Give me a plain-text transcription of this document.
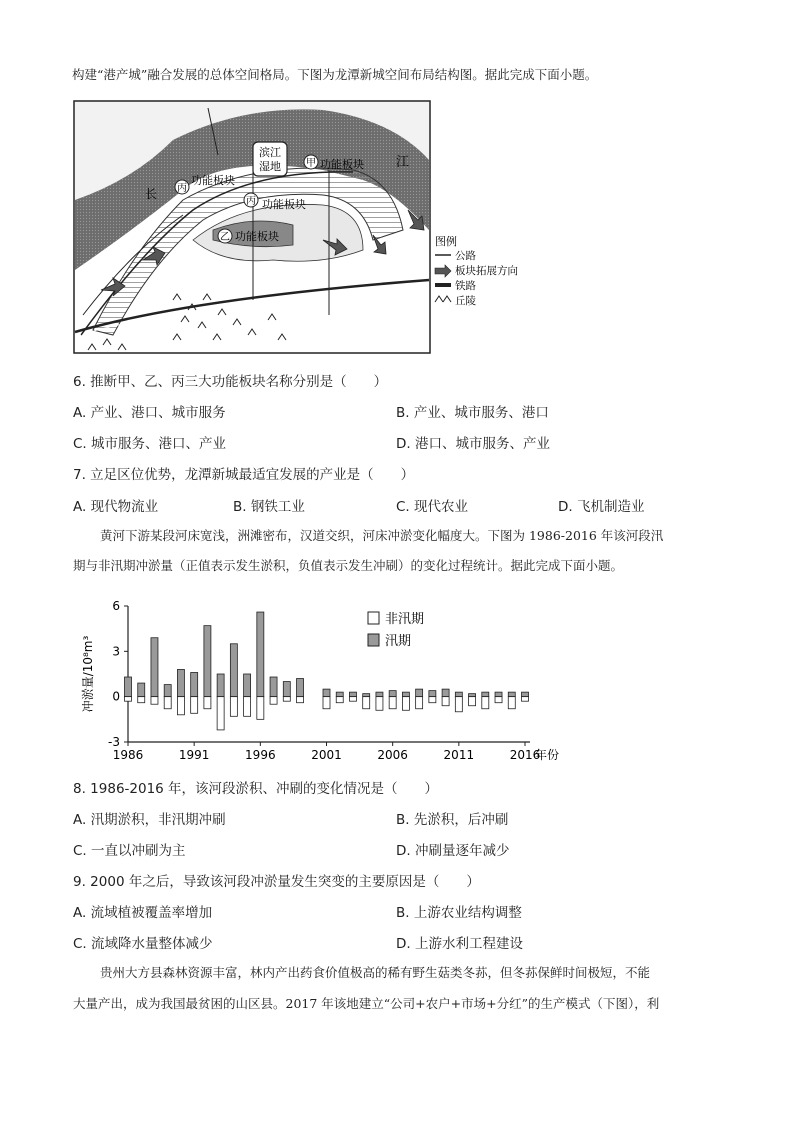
构建“港产城”融合发展的总体空间格局。下图为龙潭新城空间布局结构图。据此完成下面小题。
滨江
湿地
长
江
丙
功能板块
甲 功能板块
丙 功能板块
乙 功能板块	图例
公路
板块拓展方向
铁路
丘陵
6. 推断甲、乙、丙三大功能板块名称分别是（　　）
A. 产业、港口、城市服务	B. 产业、城市服务、港口
C. 城市服务、港口、产业	D. 港口、城市服务、产业
7. 立足区位优势，龙潭新城最适宜发展的产业是（　　）
A. 现代物流业	B. 钢铁工业	C. 现代农业	D. 飞机制造业
黄河下游某段河床宽浅，洲滩密布，汉道交织，河床冲淤变化幅度大。下图为 1986-2016 年该河段汛
期与非汛期冲淤量（正值表示发生淤积，负值表示发生冲刷）的变化过程统计。据此完成下面小题。
6
3
0
-3
1986	1991	1996	2001	2006	2011	2016
年份
冲淤量/10⁸m³
非汛期
汛期
8. 1986-2016 年，该河段淤积、冲刷的变化情况是（　　）
A. 汛期淤积，非汛期冲刷	B. 先淤积，后冲刷
C. 一直以冲刷为主	D. 冲刷量逐年减少
9. 2000 年之后，导致该河段冲淤量发生突变的主要原因是（　　）
A. 流域植被覆盖率增加	B. 上游农业结构调整
C. 流域降水量整体减少	D. 上游水利工程建设
贵州大方县森林资源丰富，林内产出药食价值极高的稀有野生菇类冬荪，但冬荪保鲜时间极短，不能
大量产出，成为我国最贫困的山区县。2017 年该地建立“公司+农户+市场+分红”的生产模式（下图），利
